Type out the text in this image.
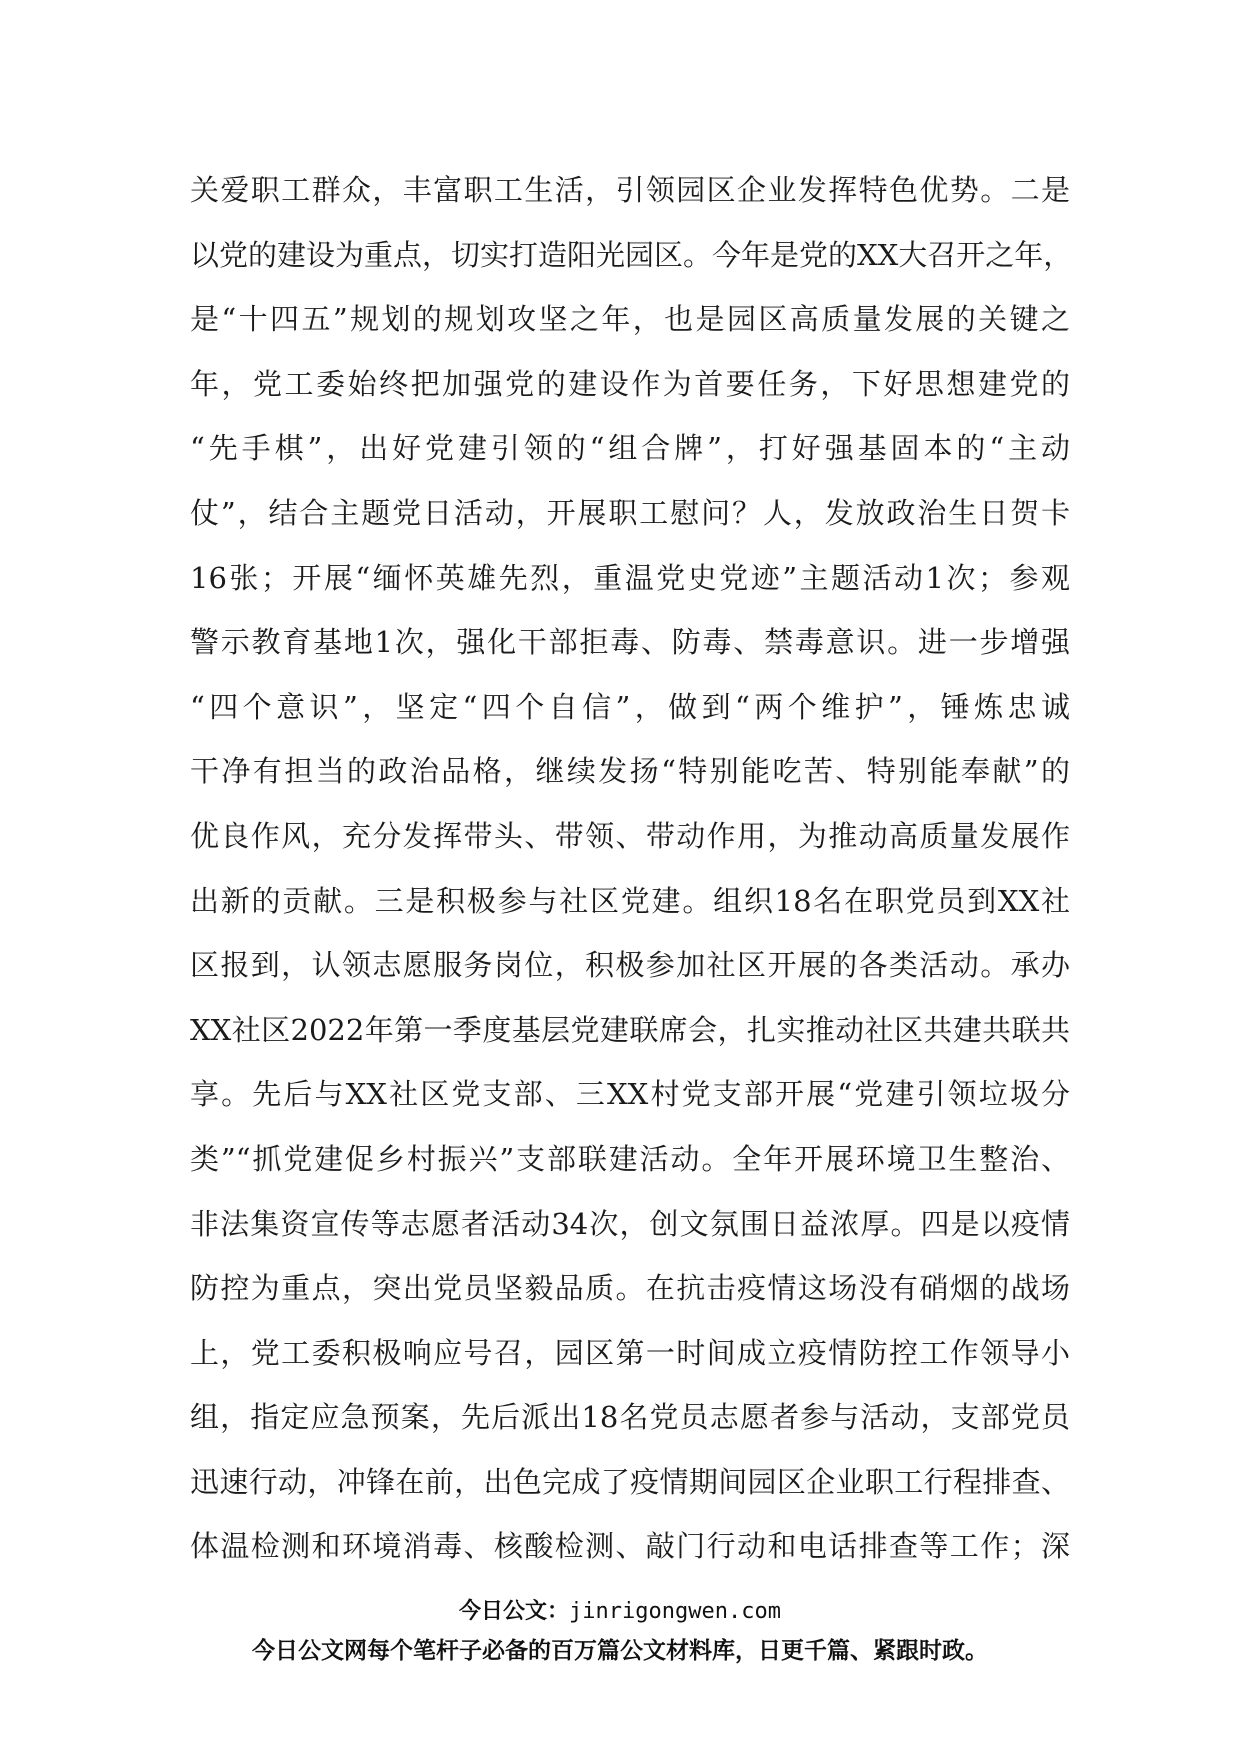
关爱职工群众，丰富职工生活，引领园区企业发挥特色优势。二是
以党的建设为重点，切实打造阳光园区。今年是党的XX大召开之年，
是“十四五”规划的规划攻坚之年，也是园区高质量发展的关键之
年，党工委始终把加强党的建设作为首要任务，下好思想建党的
“先手棋”，出好党建引领的“组合牌”，打好强基固本的“主动
仗”，结合主题党日活动，开展职工慰问？人，发放政治生日贺卡
16张；开展“缅怀英雄先烈，重温党史党迹”主题活动1次；参观
警示教育基地1次，强化干部拒毒、防毒、禁毒意识。进一步增强
“四个意识”，坚定“四个自信”，做到“两个维护”，锤炼忠诚
干净有担当的政治品格，继续发扬“特别能吃苦、特别能奉献”的
优良作风，充分发挥带头、带领、带动作用，为推动高质量发展作
出新的贡献。三是积极参与社区党建。组织18名在职党员到XX社
区报到，认领志愿服务岗位，积极参加社区开展的各类活动。承办
XX社区2022年第一季度基层党建联席会，扎实推动社区共建共联共
享。先后与XX社区党支部、三XX村党支部开展“党建引领垃圾分
类”“抓党建促乡村振兴”支部联建活动。全年开展环境卫生整治、
非法集资宣传等志愿者活动34次，创文氛围日益浓厚。四是以疫情
防控为重点，突出党员坚毅品质。在抗击疫情这场没有硝烟的战场
上，党工委积极响应号召，园区第一时间成立疫情防控工作领导小
组，指定应急预案，先后派出18名党员志愿者参与活动，支部党员
迅速行动，冲锋在前，出色完成了疫情期间园区企业职工行程排查、
体温检测和环境消毒、核酸检测、敲门行动和电话排查等工作；深
今日公文：jinrigongwen.com
今日公文网每个笔杆子必备的百万篇公文材料库，日更千篇、紧跟时政。
